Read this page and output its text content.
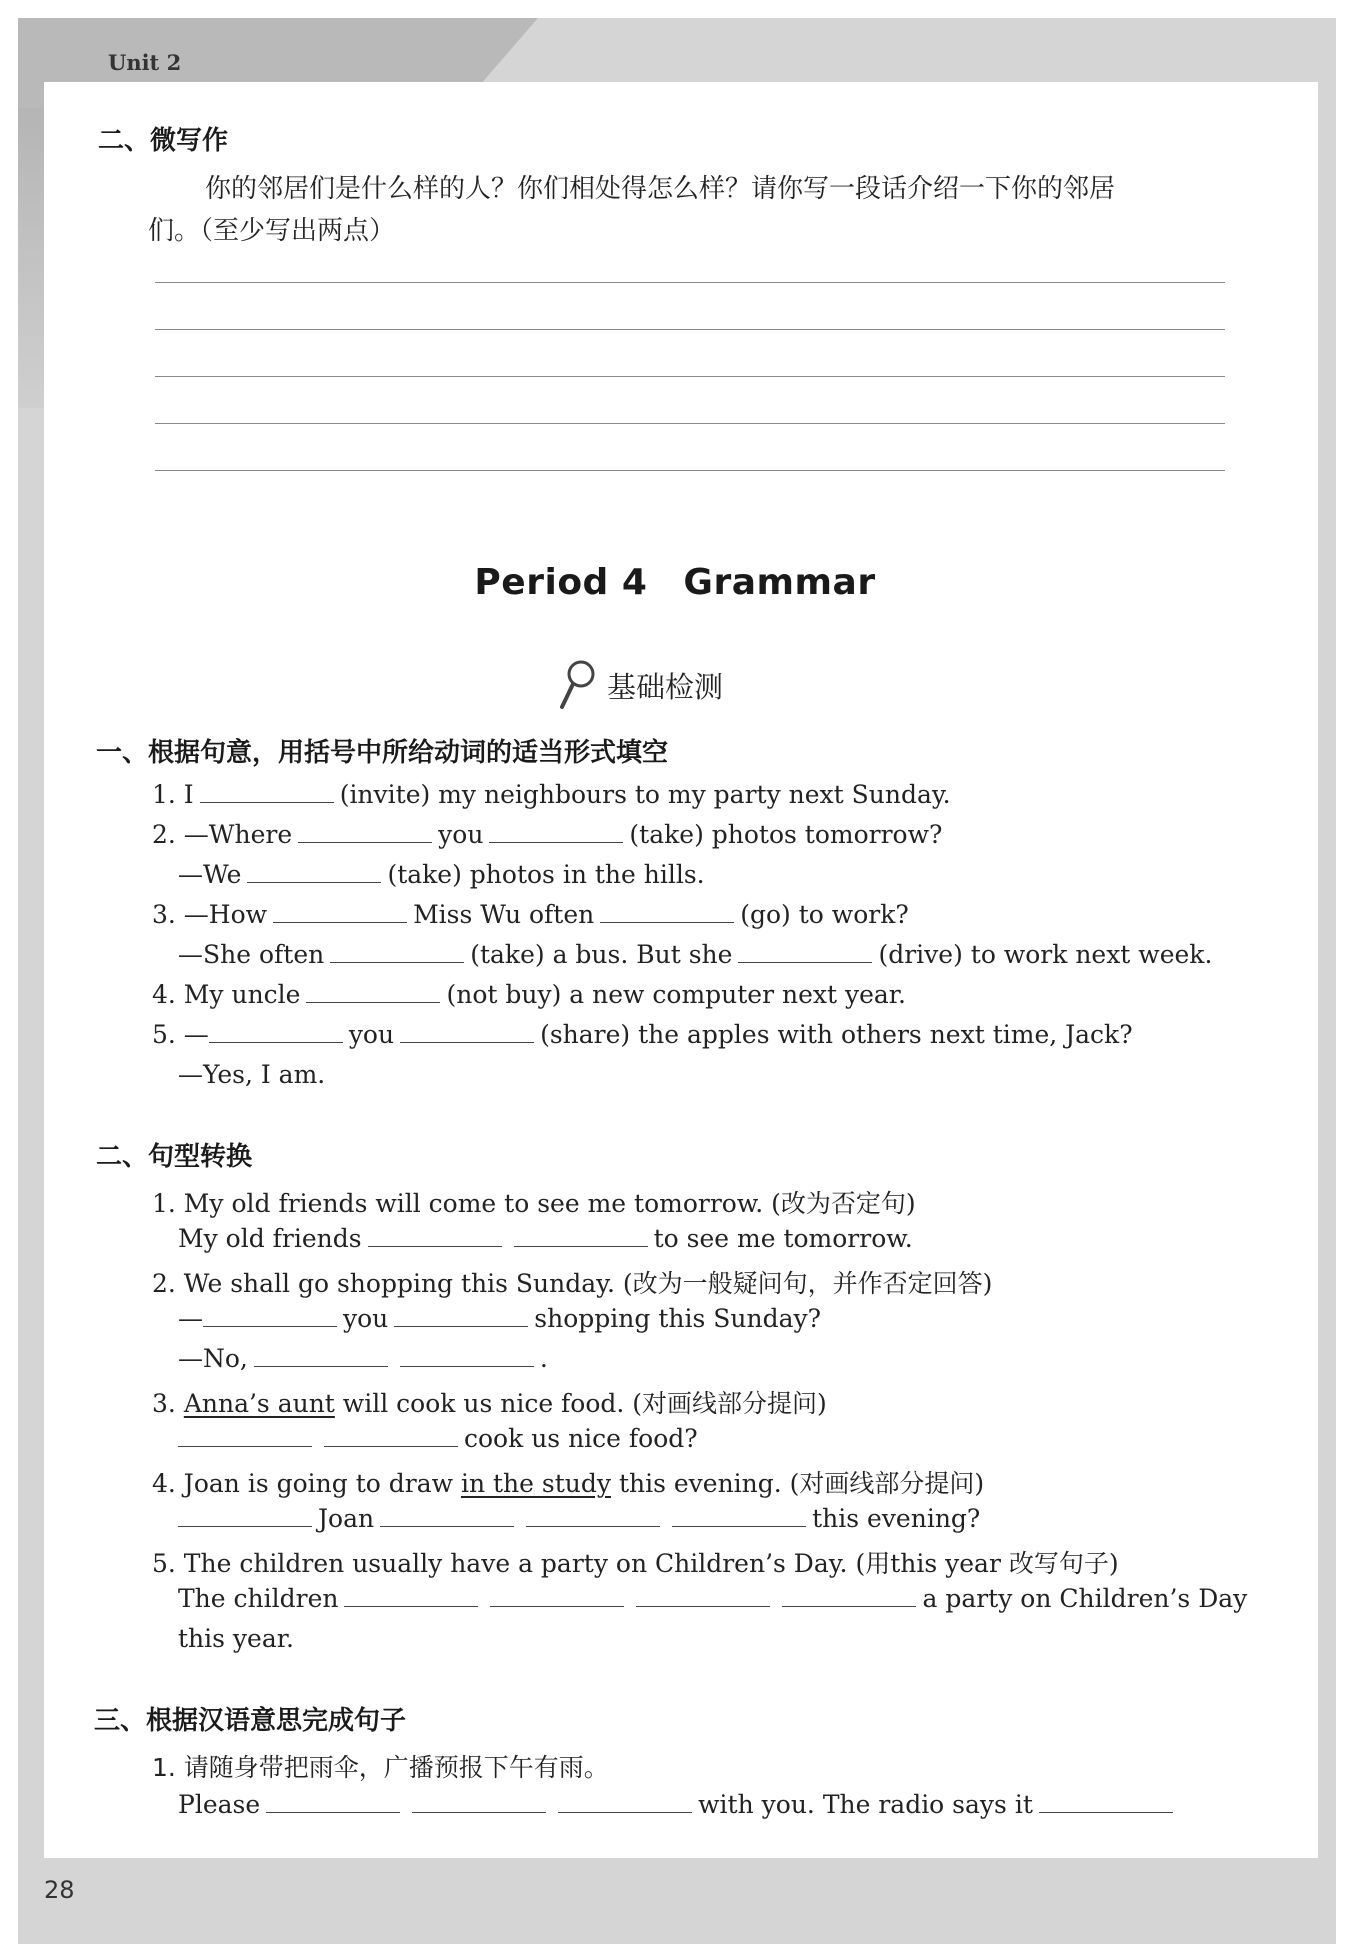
Unit 2
二、微写作
你的邻居们是什么样的人？你们相处得怎么样？请你写一段话介绍一下你的邻居
们。（至少写出两点）
Period 4 Grammar
基础检测
一、根据句意，用括号中所给动词的适当形式填空
1. I	(invite) my neighbours to my party next Sunday.
2. —Where	you	(take) photos tomorrow?
—We	(take) photos in the hills.
3. —How	Miss Wu often	(go) to work?
—She often	(take) a bus. But she	(drive) to work next week.
4. My uncle	(not buy) a new computer next year.
5. —	you	(share) the apples with others next time, Jack?
—Yes, I am.
二、句型转换
1. My old friends will come to see me tomorrow. (改为否定句)
My old friends	to see me tomorrow.
2. We shall go shopping this Sunday. (改为一般疑问句，并作否定回答)
—	you	shopping this Sunday?
—No,	.
3. Anna’s aunt will cook us nice food. (对画线部分提问)
cook us nice food?
4. Joan is going to draw in the study this evening. (对画线部分提问)
Joan	this evening?
5. The children usually have a party on Children’s Day. (用this year 改写句子)
The children	a party on Children’s Day
this year.
三、根据汉语意思完成句子
1. 请随身带把雨伞，广播预报下午有雨。
Please	with you. The radio says it
28
